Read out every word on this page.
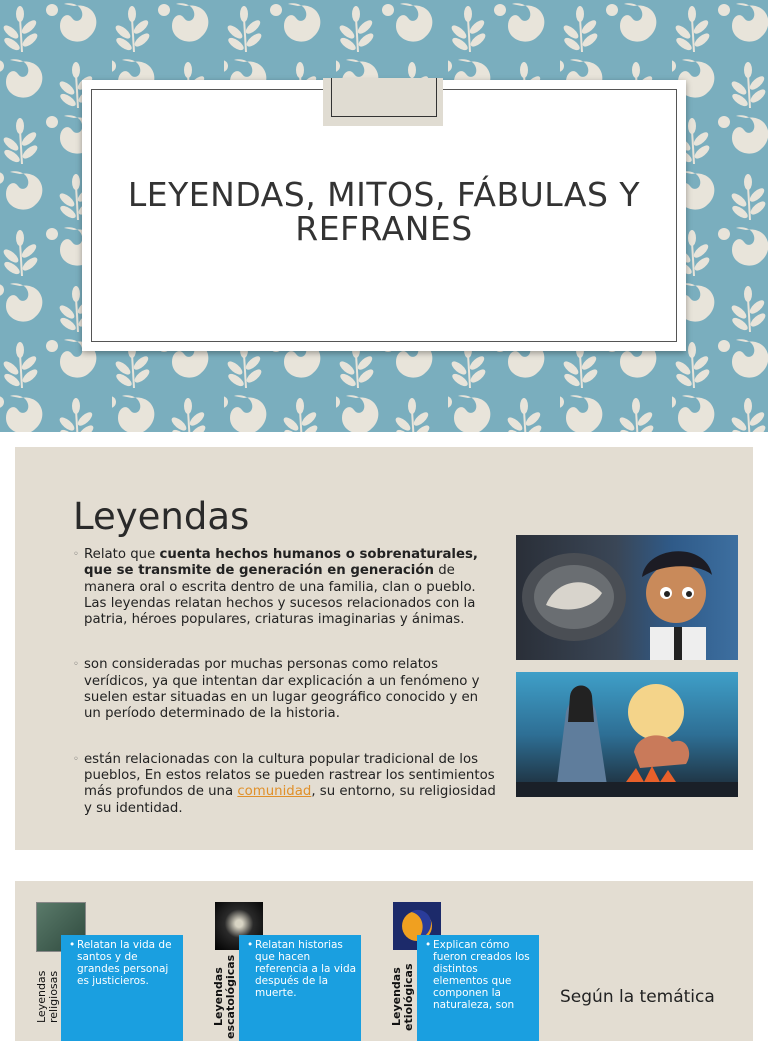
LEYENDAS, MITOS, FÁBULAS Y
REFRANES
Leyendas
◦ Relato que cuenta hechos humanos o sobrenaturales, que se transmite de generación en generación de manera oral o escrita dentro de una familia, clan o pueblo. Las leyendas relatan hechos y sucesos relacionados con la patria, héroes populares, criaturas imaginarias y ánimas.
◦ son consideradas por muchas personas como relatos verídicos, ya que intentan dar explicación a un fenómeno y suelen estar situadas en un lugar geográfico conocido y en un período determinado de la historia.
◦ están relacionadas con la cultura popular tradicional de los pueblos, En estos relatos se pueden rastrear los sentimientos más profundos de una comunidad, su entorno, su religiosidad y su identidad.
Leyendas religiosas
• Relatan la vida de santos y de grandes personaj es justicieros.	Leyendas
escatológicas
• Relatan historias que hacen referencia a la vida después de la muerte.	Leyendas
etiológicas
• Explican cómo fueron creados los distintos elementos que componen la naturaleza, son	Según la temática
